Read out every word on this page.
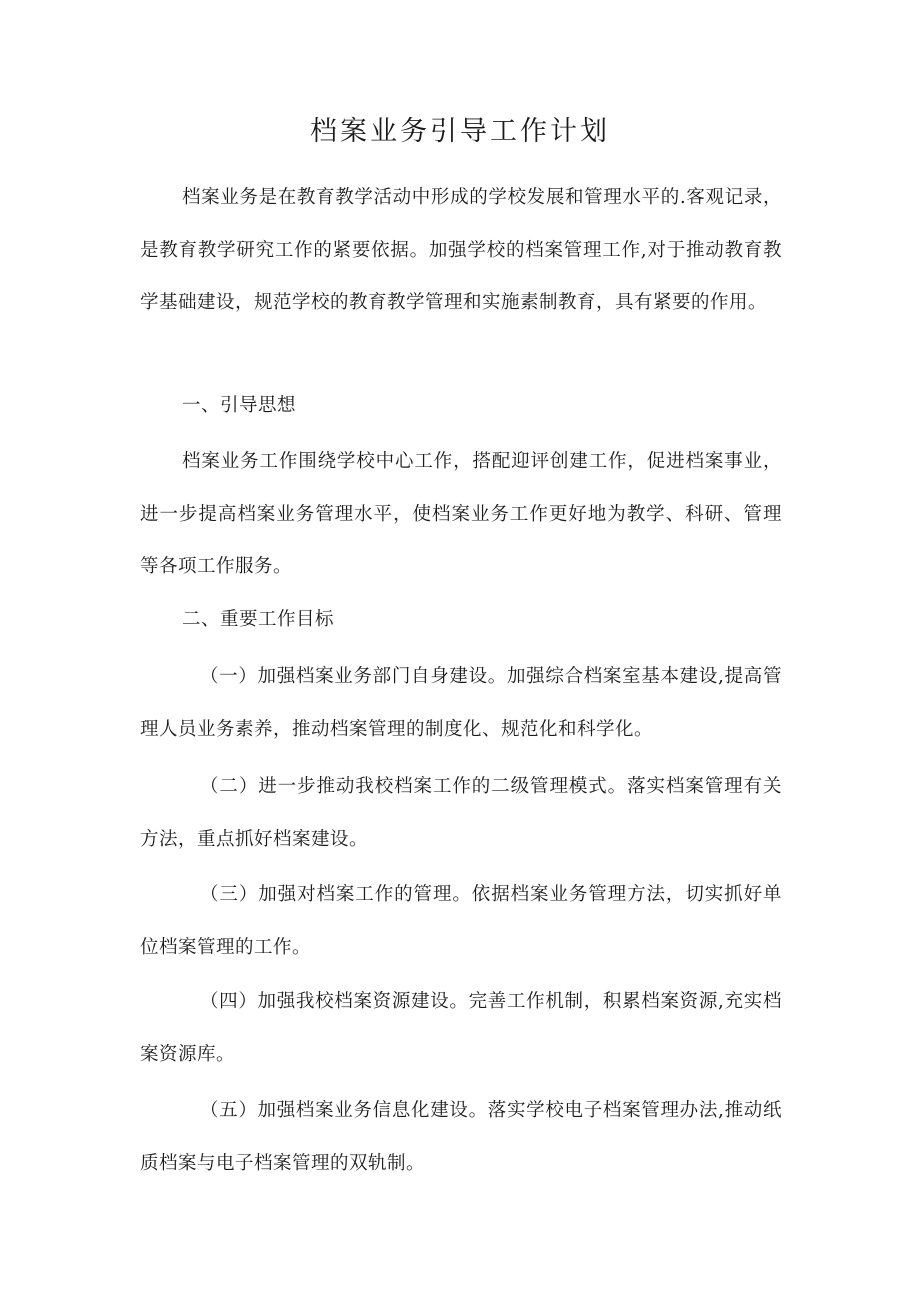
档案业务引导工作计划

档案业务是在教育教学活动中形成的学校发展和管理水平的.客观记录，是教育教学研究工作的紧要依据。加强学校的档案管理工作,对于推动教育教学基础建设，规范学校的教育教学管理和实施素制教育，具有紧要的作用。

一、引导思想

档案业务工作围绕学校中心工作，搭配迎评创建工作，促进档案事业，进一步提高档案业务管理水平，使档案业务工作更好地为教学、科研、管理等各项工作服务。

二、重要工作目标

（一）加强档案业务部门自身建设。加强综合档案室基本建设,提高管理人员业务素养，推动档案管理的制度化、规范化和科学化。

（二）进一步推动我校档案工作的二级管理模式。落实档案管理有关方法，重点抓好档案建设。

（三）加强对档案工作的管理。依据档案业务管理方法，切实抓好单位档案管理的工作。

（四）加强我校档案资源建设。完善工作机制，积累档案资源,充实档案资源库。

（五）加强档案业务信息化建设。落实学校电子档案管理办法,推动纸质档案与电子档案管理的双轨制。
